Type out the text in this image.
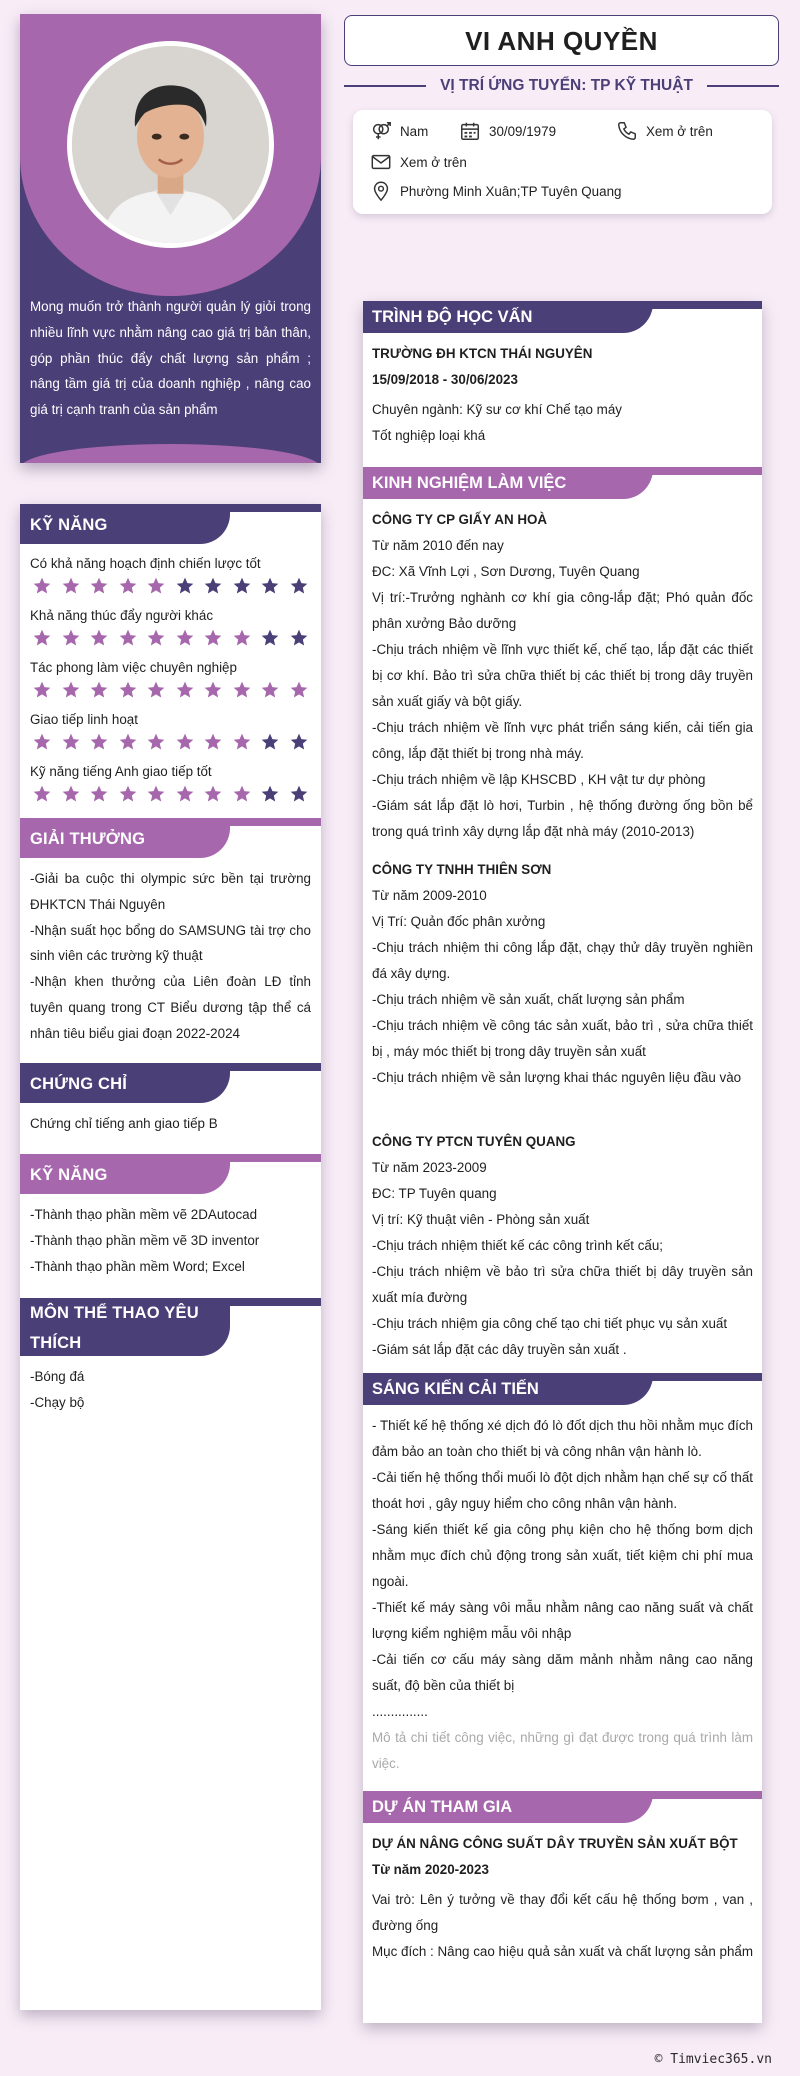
Mong muốn trở thành người quản lý giỏi trong nhiều lĩnh vực nhằm nâng cao giá trị bản thân, góp phần thúc đẩy chất lượng sản phẩm ; nâng tầm giá trị của doanh nghiệp , nâng cao giá trị cạnh tranh của sản phẩm

KỸ NĂNG
Có khả năng hoạch định chiến lược tốt
Khả năng thúc đẩy người khác
Tác phong làm việc chuyên nghiệp
Giao tiếp linh hoạt
Kỹ năng tiếng Anh giao tiếp tốt
GIẢI THƯỞNG

-Giải ba cuộc thi olympic sức bền tại trường ĐHKTCN Thái Nguyên

-Nhận suất học bổng do SAMSUNG tài trợ cho sinh viên các trường kỹ thuật

-Nhận khen thưởng của Liên đoàn LĐ tỉnh tuyên quang trong CT Biểu dương tập thể cá nhân tiêu biểu giai đoạn 2022-2024

CHỨNG CHỈ

Chứng chỉ tiếng anh giao tiếp B

KỸ NĂNG

-Thành thạo phần mềm vẽ 2DAutocad

-Thành thạo phần mềm vẽ 3D inventor

-Thành thạo phần mềm Word; Excel

MÔN THỂ THAO YÊU
THÍCH

-Bóng đá

-Chạy bộ

VI ANH QUYỀN
VỊ TRÍ ỨNG TUYỂN: TP KỸ THUẬT
Nam	30/09/1979	Xem ở trên
Xem ở trên
Phường Minh Xuân;TP Tuyên Quang
TRÌNH ĐỘ HỌC VẤN

TRƯỜNG ĐH KTCN THÁI NGUYÊN

15/09/2018 - 30/06/2023

Chuyên ngành: Kỹ sư cơ khí Chế tạo máy

Tốt nghiệp loại khá

KINH NGHIỆM LÀM VIỆC

CÔNG TY CP GIẤY AN HOÀ

Từ năm 2010 đến nay

ĐC: Xã Vĩnh Lợi , Sơn Dương, Tuyên Quang

Vị trí:-Trưởng nghành cơ khí gia công-lắp đặt; Phó quản đốc phân xưởng Bảo dưỡng

-Chịu trách nhiệm về lĩnh vực thiết kế, chế tạo, lắp đặt các thiết bị cơ khí. Bảo trì sửa chữa thiết bị các thiết bị trong dây truyền sản xuất giấy và bột giấy.

-Chịu trách nhiệm về lĩnh vực phát triển sáng kiến, cải tiến gia công, lắp đặt thiết bị trong nhà máy.

-Chịu trách nhiệm về lập KHSCBD , KH vật tư dự phòng

-Giám sát lắp đặt lò hơi, Turbin , hệ thống đường ống bồn bể trong quá trình xây dựng lắp đặt nhà máy (2010-2013)

CÔNG TY TNHH THIÊN SƠN

Từ năm 2009-2010

Vị Trí: Quản đốc phân xưởng

-Chịu trách nhiệm thi công lắp đặt, chạy thử dây truyền nghiền đá xây dựng.

-Chịu trách nhiệm về sản xuất, chất lượng sản phẩm

-Chịu trách nhiệm về công tác sản xuất, bảo trì , sửa chữa thiết bị , máy móc thiết bị trong dây truyền sản xuất

-Chịu trách nhiệm về sản lượng khai thác nguyên liệu đầu vào

CÔNG TY PTCN TUYÊN QUANG

Từ năm 2023-2009

ĐC: TP Tuyên quang

Vị trí: Kỹ thuật viên - Phòng sản xuất

-Chịu trách nhiệm thiết kế các công trình kết cấu;

-Chịu trách nhiệm về bảo trì sửa chữa thiết bị dây truyền sản xuất mía đường

-Chịu trách nhiệm gia công chế tạo chi tiết phục vụ sản xuất

-Giám sát lắp đặt các dây truyền sản xuất .

SÁNG KIẾN CẢI TIẾN

- Thiết kế hệ thống xé dịch đó lò đốt dịch thu hồi nhằm mục đích đảm bảo an toàn cho thiết bị và công nhân vận hành lò.

-Cải tiến hệ thống thổi muối lò đột dịch nhằm hạn chế sự cố thất thoát hơi , gây nguy hiểm cho công nhân vận hành.

-Sáng kiến thiết kế gia công phụ kiện cho hệ thống bơm dịch nhằm mục đích chủ động trong sản xuất, tiết kiệm chi phí mua ngoài.

-Thiết kế máy sàng vôi mẫu nhằm nâng cao năng suất và chất lượng kiểm nghiệm mẫu vôi nhập

-Cải tiến cơ cấu máy sàng dăm mảnh nhằm nâng cao năng suất, độ bền của thiết bị

...............

Mô tả chi tiết công việc, những gì đạt được trong quá trình làm việc.

DỰ ÁN THAM GIA

DỰ ÁN NÂNG CÔNG SUẤT DÂY TRUYỀN SẢN XUẤT BỘT

Từ năm 2020-2023

Vai trò: Lên ý tưởng về thay đổi kết cấu hệ thống bơm , van , đường ống

Mục đích : Nâng cao hiệu quả sản xuất và chất lượng sản phẩm

© Timviec365.vn
